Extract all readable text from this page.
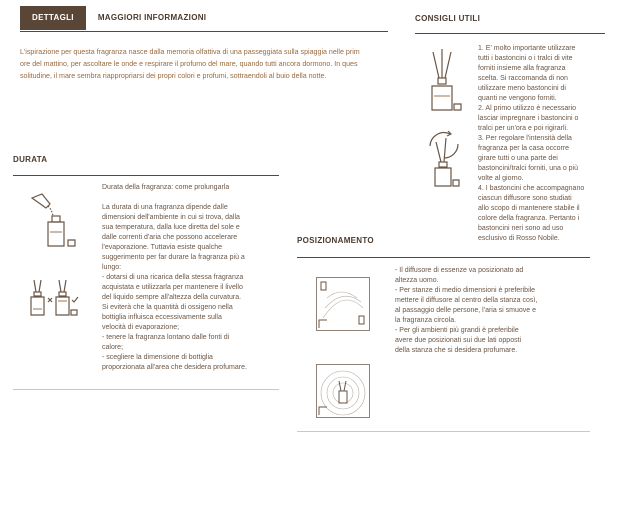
DETTAGLI	MAGGIORI INFORMAZIONI
L'ispirazione per questa fragranza nasce dalla memoria olfattiva di una passeggiata sulla spiaggia nelle prim
ore del mattino, per ascoltare le onde e respirare il profumo del mare, quando tutti ancora dormono. In ques
solitudine, il mare sembra riappropriarsi dei propri colori e profumi, sottraendoli al buio della notte.
CONSIGLI UTILI
1. E' molto importante utilizzare
tutti i bastoncini o i tralci di vite
forniti insieme alla fragranza
scelta. Si raccomanda di non
utilizzare meno bastoncini di
quanti ne vengono forniti.
2. Al primo utilizzo è necessario
lasciar impregnare i bastoncini o
tralci per un'ora e poi rigirarli.
3. Per regolare l'intensità della
fragranza per la casa occorre
girare tutti o una parte dei
bastoncini/tralci forniti, una o più
volte al giorno.
4. I bastoncini che accompagnano
ciascun diffusore sono studiati
allo scopo di mantenere stabile il
colore della fragranza. Pertanto i
bastoncini neri sono ad uso
esclusivo di Rosso Nobile.
DURATA
Durata della fragranza: come prolungarla
La durata di una fragranza dipende dalle
dimensioni dell'ambiente in cui si trova, dalla
sua temperatura, dalla luce diretta del sole e
dalle correnti d'aria che possono accelerare
l'evaporazione. Tuttavia esiste qualche
suggerimento per far durare la fragranza più a
lungo:
- dotarsi di una ricarica della stessa fragranza
acquistata e utilizzarla per mantenere il livello
del liquido sempre all'altezza della curvatura.
Si eviterà che la quantità di ossigeno nella
bottiglia influisca eccessivamente sulla
velocità di evaporazione;
- tenere la fragranza lontano dalle fonti di
calore;
- scegliere la dimensione di bottiglia
proporzionata all'area che desidera profumare.
POSIZIONAMENTO
- Il diffusore di essenze va posizionato ad
altezza uomo.
- Per stanze di medio dimensioni è preferibile
mettere il diffusore al centro della stanza così,
al passaggio delle persone, l'aria si smuove e
la fragranza circola.
- Per gli ambienti più grandi è preferibile
avere due posizionati sui due lati opposti
della stanza che si desidera profumare.
